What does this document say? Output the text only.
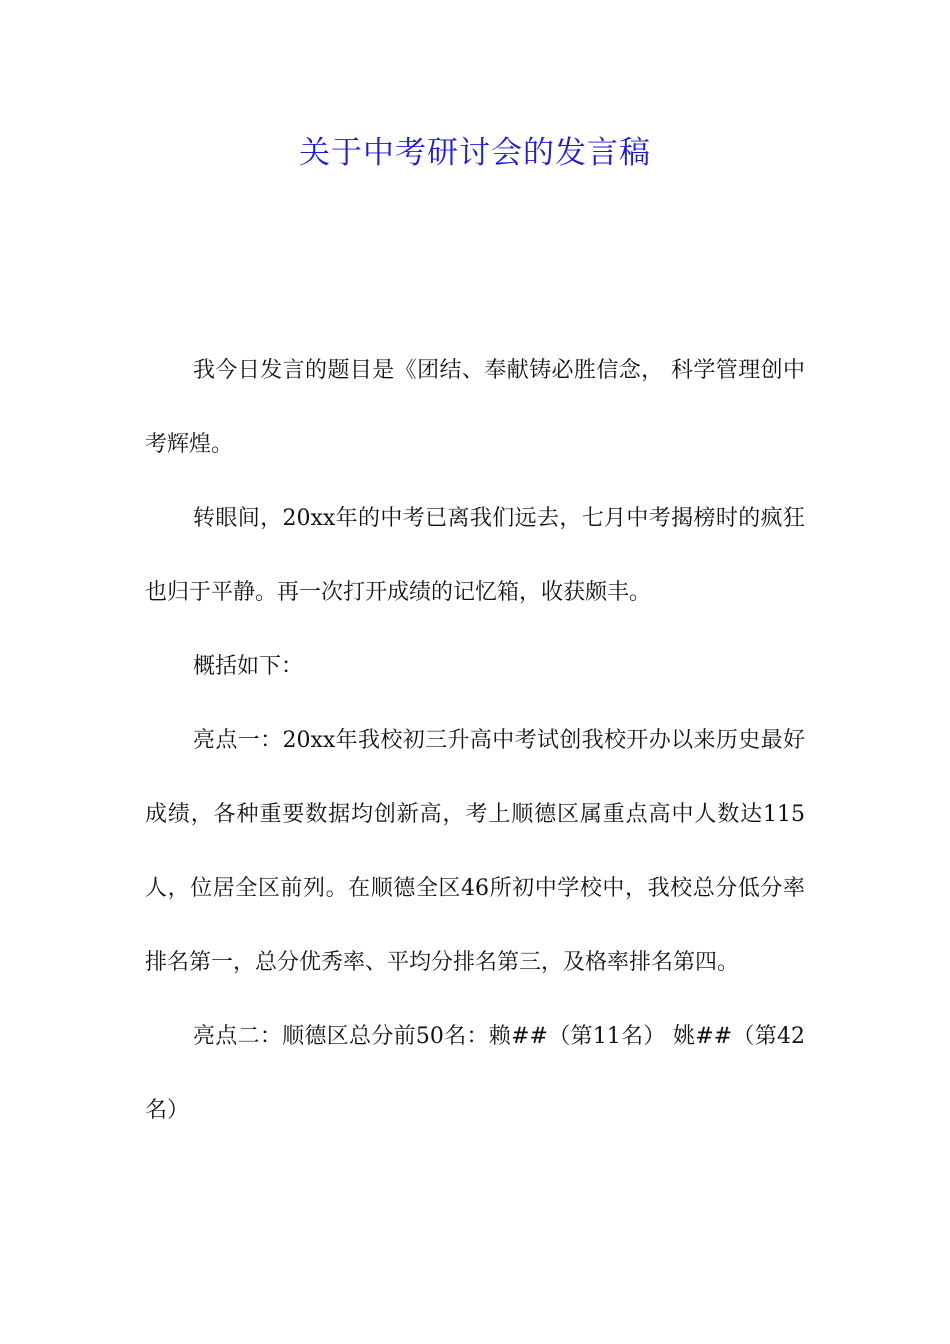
关于中考研讨会的发言稿

我今日发言的题目是《团结、奉献铸必胜信念， 科学管理创中考辉煌。

转眼间，20xx年的中考已离我们远去，七月中考揭榜时的疯狂也归于平静。再一次打开成绩的记忆箱，收获颇丰。

概括如下：

亮点一：20xx年我校初三升高中考试创我校开办以来历史最好成绩，各种重要数据均创新高，考上顺德区属重点高中人数达115人，位居全区前列。在顺德全区46所初中学校中，我校总分低分率排名第一，总分优秀率、平均分排名第三，及格率排名第四。

亮点二：顺德区总分前50名：赖##（第11名） 姚##（第42名）
